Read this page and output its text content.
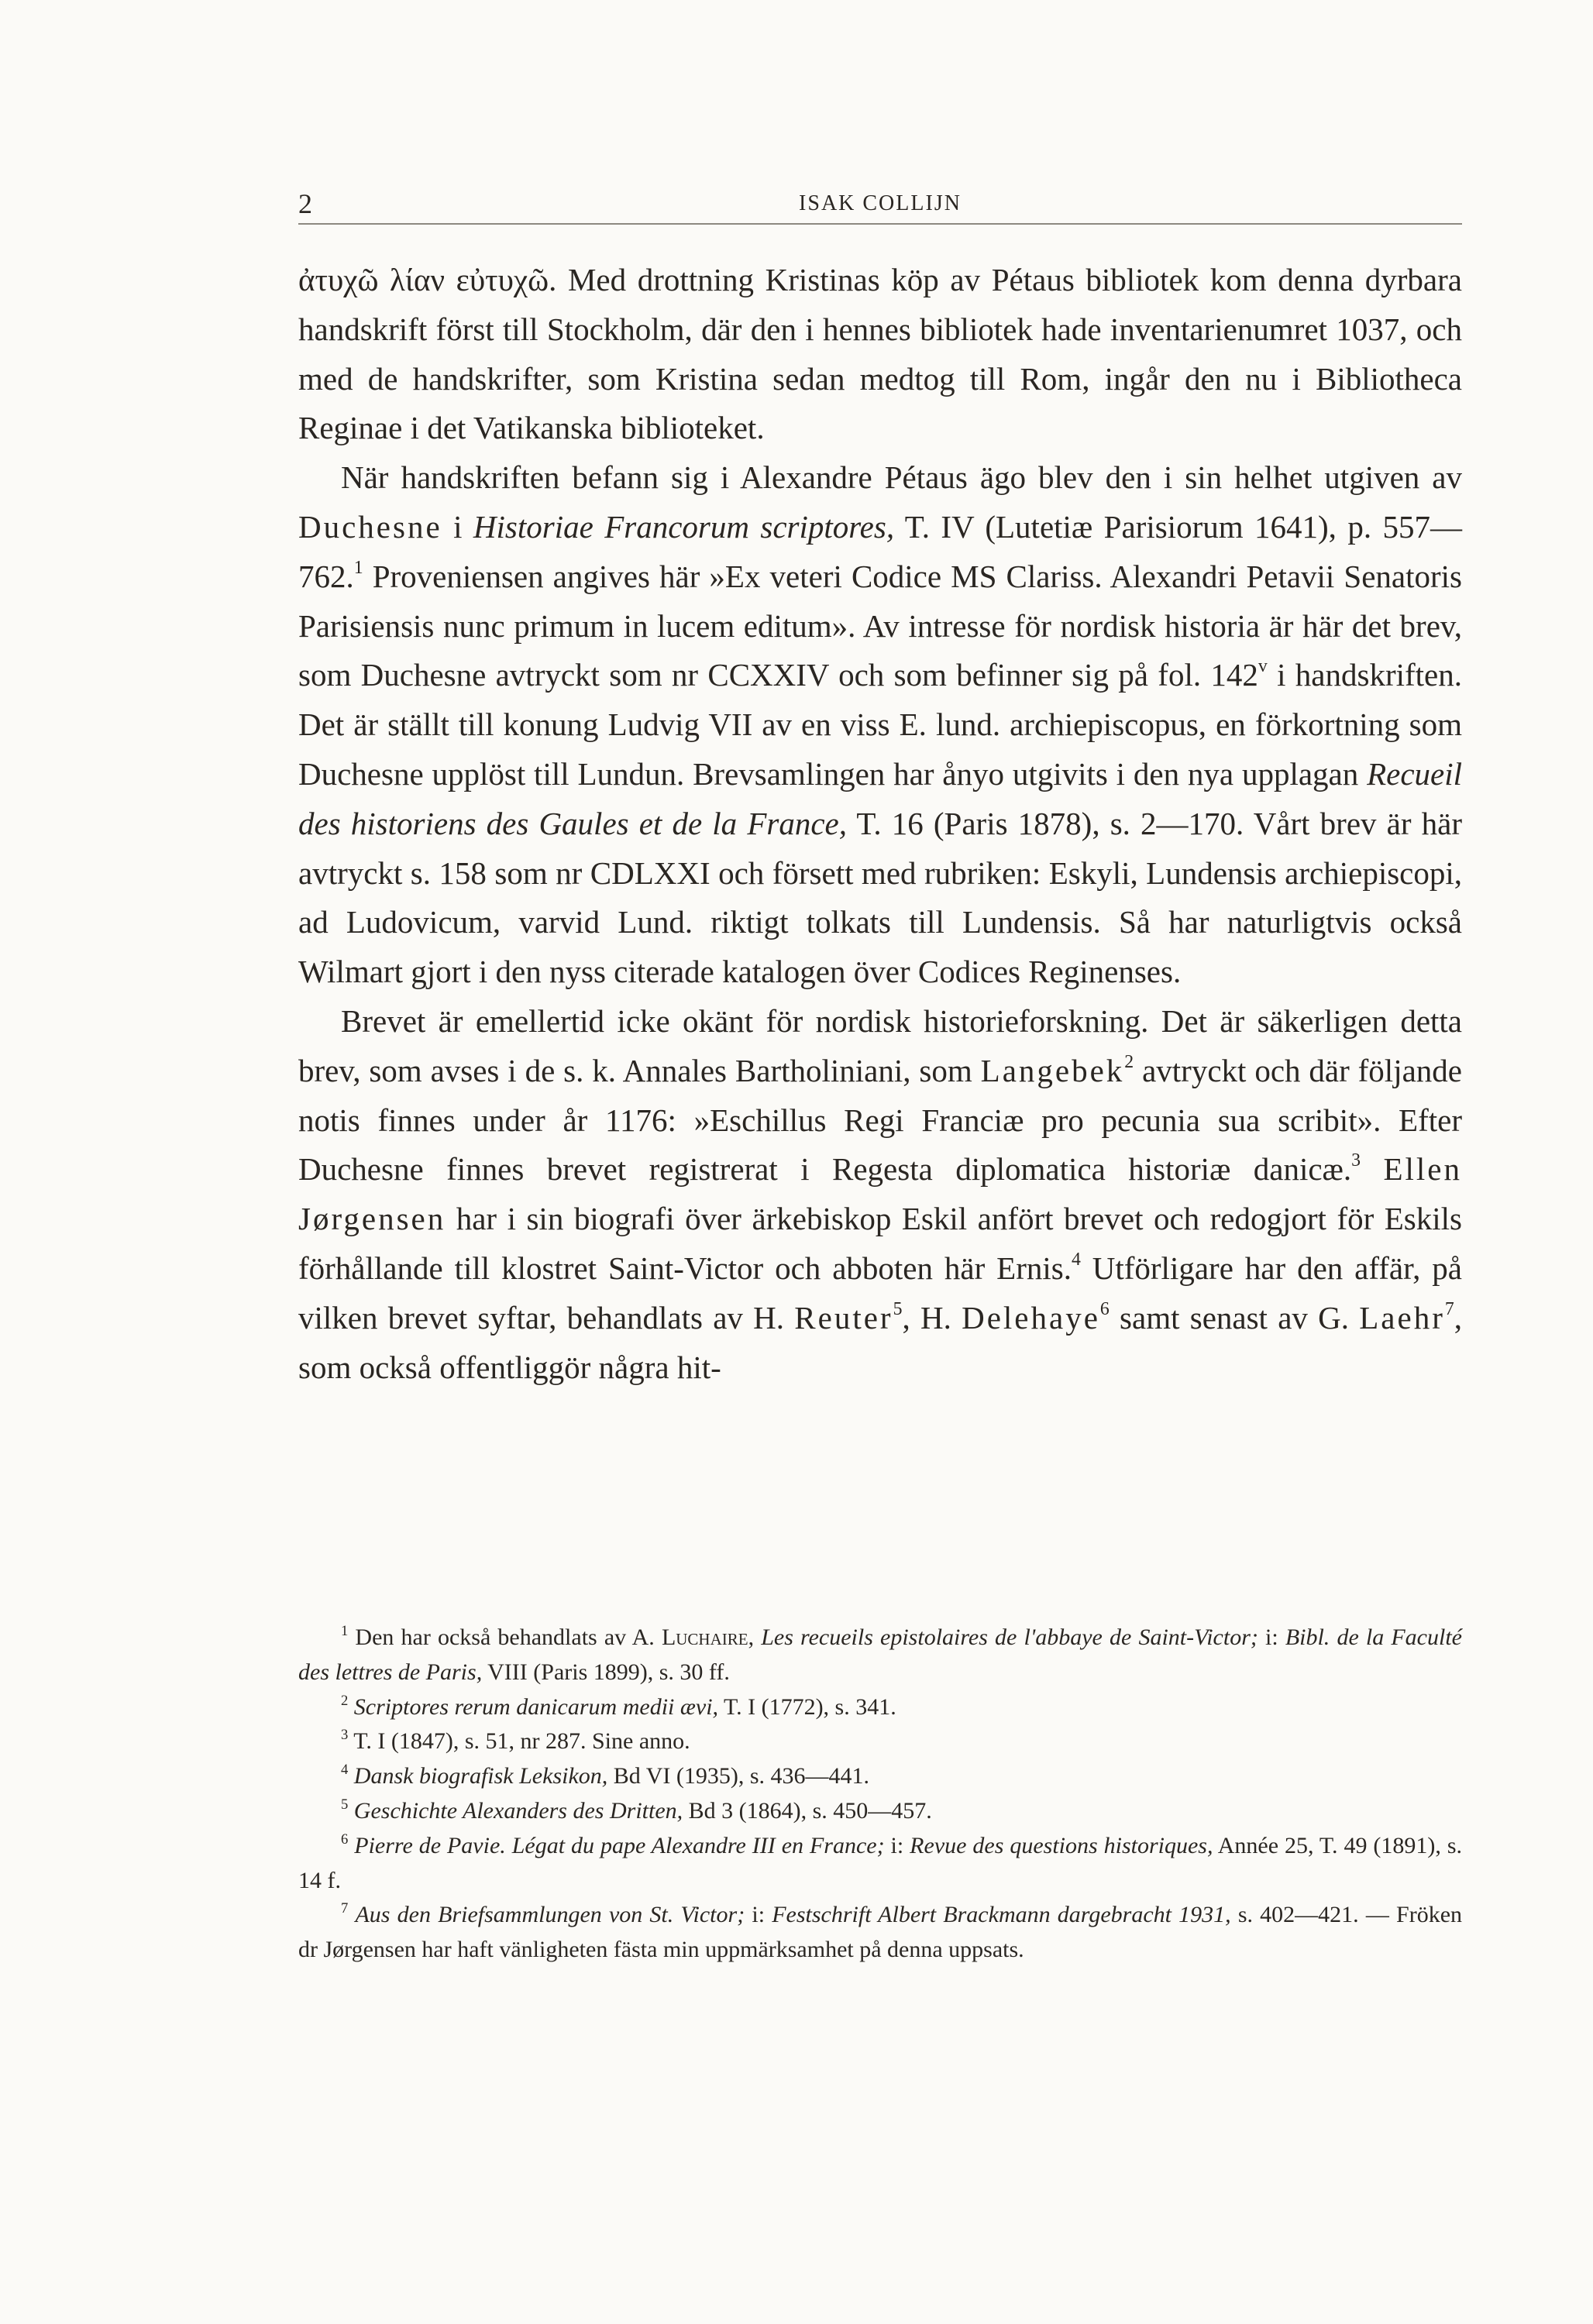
2	ISAK COLLIJN

ἀτυχῶ λίαν εὐτυχῶ. Med drottning Kristinas köp av Pétaus bibliotek kom denna dyrbara handskrift först till Stockholm, där den i hennes bibliotek hade inventarienumret 1037, och med de handskrifter, som Kristina sedan medtog till Rom, ingår den nu i Bibliotheca Reginae i det Vatikanska biblioteket.

När handskriften befann sig i Alexandre Pétaus ägo blev den i sin helhet utgiven av Duchesne i Historiae Francorum scriptores, T. IV (Lutetiæ Parisiorum 1641), p. 557—762.$^1$ Proveniensen angives här »Ex veteri Codice MS Clariss. Alexandri Petavii Senatoris Parisiensis nunc primum in lucem editum». Av intresse för nordisk historia är här det brev, som Duchesne avtryckt som nr CCXXIV och som befinner sig på fol. 142$^v$ i handskriften. Det är ställt till konung Ludvig VII av en viss E. lund. archiepiscopus, en förkortning som Duchesne upplöst till Lundun. Brevsamlingen har ånyo utgivits i den nya upplagan Recueil des historiens des Gaules et de la France, T. 16 (Paris 1878), s. 2—170. Vårt brev är här avtryckt s. 158 som nr CDLXXI och försett med rubriken: Eskyli, Lundensis archiepiscopi, ad Ludovicum, varvid Lund. riktigt tolkats till Lundensis. Så har naturligtvis också Wilmart gjort i den nyss citerade katalogen över Codices Reginenses.

Brevet är emellertid icke okänt för nordisk historieforskning. Det är säkerligen detta brev, som avses i de s. k. Annales Bartholiniani, som Langebek$^2$ avtryckt och där följande notis finnes under år 1176: »Eschillus Regi Franciæ pro pecunia sua scribit». Efter Duchesne finnes brevet registrerat i Regesta diplomatica historiæ danicæ.$^3$ Ellen Jørgensen har i sin biografi över ärkebiskop Eskil anfört brevet och redogjort för Eskils förhållande till klostret Saint-Victor och abboten här Ernis.$^4$ Utförligare har den affär, på vilken brevet syftar, behandlats av H. Reuter$^5$, H. Delehaye$^6$ samt senast av G. Laehr$^7$, som också offentliggör några hit-

$^1$ Den har också behandlats av A. Luchaire, Les recueils epistolaires de l'abbaye de Saint-Victor; i: Bibl. de la Faculté des lettres de Paris, VIII (Paris 1899), s. 30 ff.

$^2$ Scriptores rerum danicarum medii ævi, T. I (1772), s. 341.

$^3$ T. I (1847), s. 51, nr 287. Sine anno.

$^4$ Dansk biografisk Leksikon, Bd VI (1935), s. 436—441.

$^5$ Geschichte Alexanders des Dritten, Bd 3 (1864), s. 450—457.

$^6$ Pierre de Pavie. Légat du pape Alexandre III en France; i: Revue des questions historiques, Année 25, T. 49 (1891), s. 14 f.

$^7$ Aus den Briefsammlungen von St. Victor; i: Festschrift Albert Brackmann dargebracht 1931, s. 402—421. — Fröken dr Jørgensen har haft vänligheten fästa min uppmärksamhet på denna uppsats.
